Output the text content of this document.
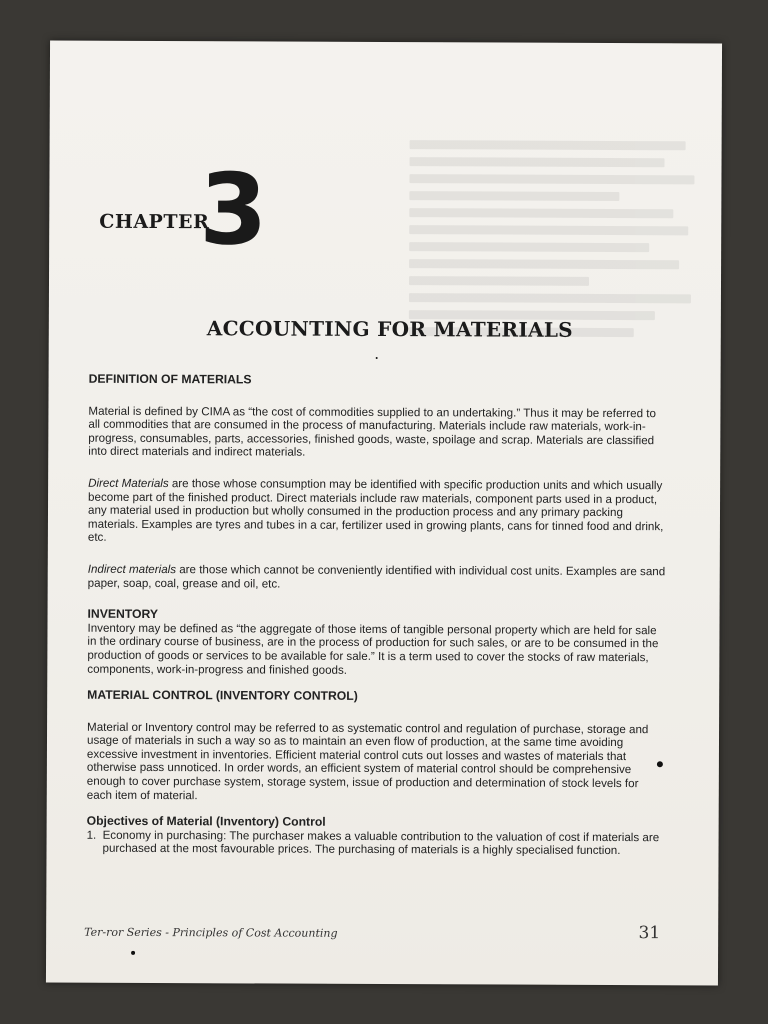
CHAPTER
3
ACCOUNTING FOR MATERIALS

DEFINITION OF MATERIALS

Material is defined by CIMA as “the cost of commodities supplied to an undertaking.” Thus it may be referred to all commodities that are consumed in the process of manufacturing. Materials include raw materials, work-in-progress, consumables, parts, accessories, finished goods, waste, spoilage and scrap. Materials are classified into direct materials and indirect materials.

Direct Materials are those whose consumption may be identified with specific production units and which usually become part of the finished product. Direct materials include raw materials, component parts used in a product, any material used in production but wholly consumed in the production process and any primary packing materials. Examples are tyres and tubes in a car, fertilizer used in growing plants, cans for tinned food and drink, etc.

Indirect materials are those which cannot be conveniently identified with individual cost units. Examples are sand paper, soap, coal, grease and oil, etc.

INVENTORY

Inventory may be defined as “the aggregate of those items of tangible personal property which are held for sale in the ordinary course of business, are in the process of production for such sales, or are to be consumed in the production of goods or services to be available for sale.” It is a term used to cover the stocks of raw materials, components, work-in-progress and finished goods.

MATERIAL CONTROL (INVENTORY CONTROL)

Material or Inventory control may be referred to as systematic control and regulation of purchase, storage and usage of materials in such a way so as to maintain an even flow of production, at the same time avoiding excessive investment in inventories. Efficient material control cuts out losses and wastes of materials that otherwise pass unnoticed. In order words, an efficient system of material control should be comprehensive enough to cover purchase system, storage system, issue of production and determination of stock levels for each item of material.

Objectives of Material (Inventory) Control

1. Economy in purchasing: The purchaser makes a valuable contribution to the valuation of cost if materials are purchased at the most favourable prices. The purchasing of materials is a highly specialised function.
Ter-ror Series - Principles of Cost Accounting	31
